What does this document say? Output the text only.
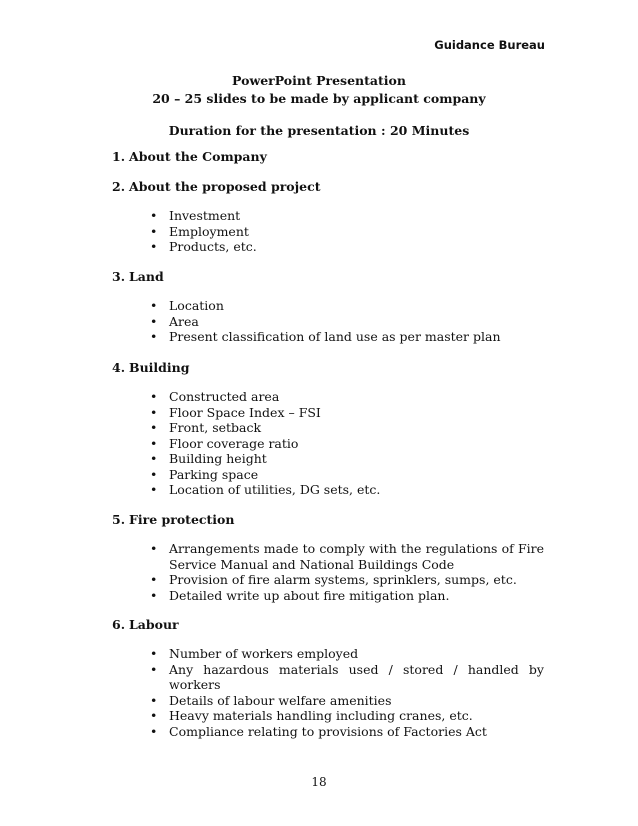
Guidance Bureau
PowerPoint Presentation
20 – 25 slides to be made by applicant company
Duration for the presentation : 20 Minutes
1. About the Company
2. About the proposed project
• Investment
• Employment
• Products, etc.
3. Land
• Location
• Area
• Present classification of land use as per master plan
4. Building
• Constructed area
• Floor Space Index – FSI
• Front, setback
• Floor coverage ratio
• Building height
• Parking space
• Location of utilities, DG sets, etc.
5. Fire protection
• Arrangements made to comply with the regulations of Fire Service Manual and National Buildings Code
• Provision of fire alarm systems, sprinklers, sumps, etc.
• Detailed write up about fire mitigation plan.
6. Labour
• Number of workers employed
• Any hazardous materials used / stored / handled by workers
• Details of labour welfare amenities
• Heavy materials handling including cranes, etc.
• Compliance relating to provisions of Factories Act
18
